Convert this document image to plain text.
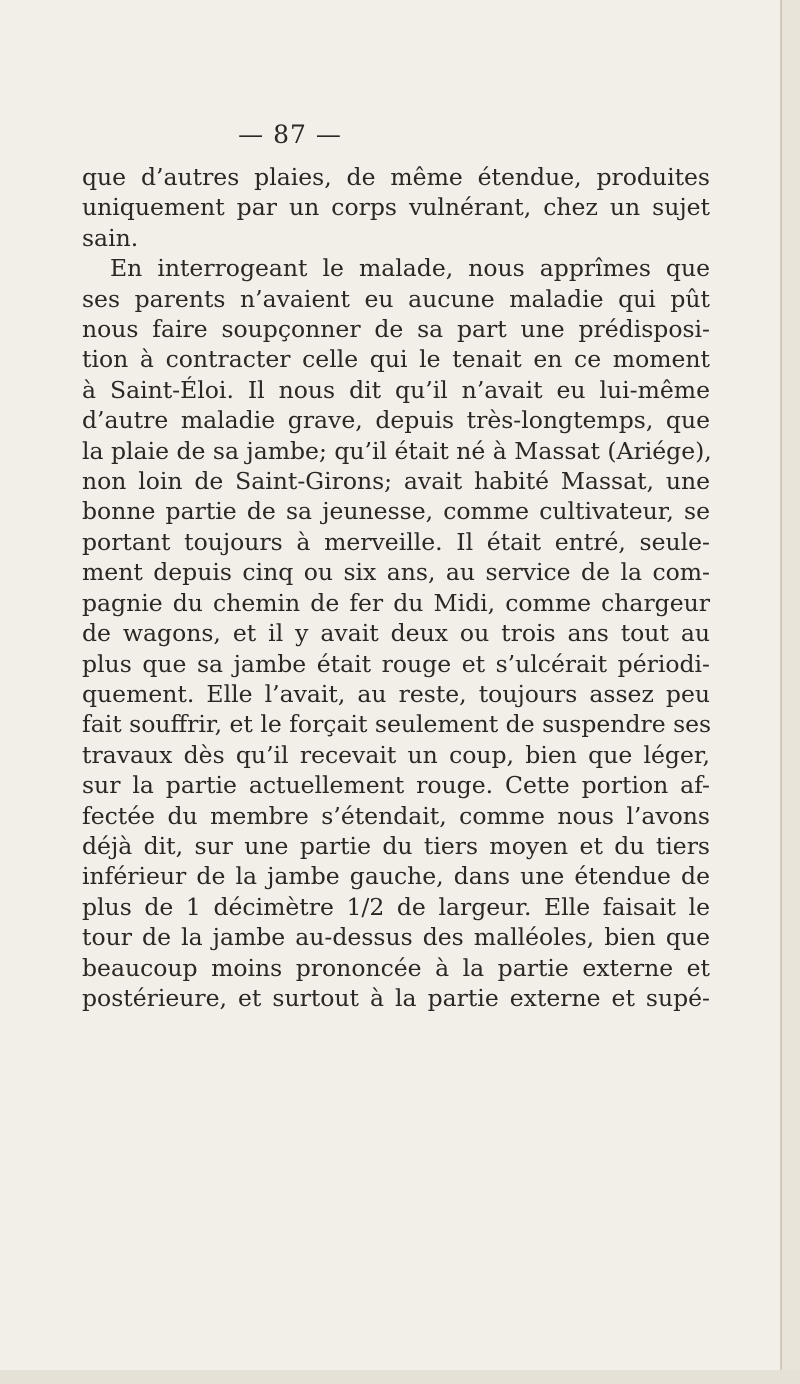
— 87 —
que d’autres plaies, de même étendue, produites
uniquement par un corps vulnérant, chez un sujet
sain.
En interrogeant le malade, nous apprîmes que
ses parents n’avaient eu aucune maladie qui pût
nous faire soupçonner de sa part une prédisposi-
tion à contracter celle qui le tenait en ce moment
à Saint-Éloi. Il nous dit qu’il n’avait eu lui-même
d’autre maladie grave, depuis très-longtemps, que
la plaie de sa jambe; qu’il était né à Massat (Ariége),
non loin de Saint-Girons; avait habité Massat, une
bonne partie de sa jeunesse, comme cultivateur, se
portant toujours à merveille. Il était entré, seule-
ment depuis cinq ou six ans, au service de la com-
pagnie du chemin de fer du Midi, comme chargeur
de wagons, et il y avait deux ou trois ans tout au
plus que sa jambe était rouge et s’ulcérait périodi-
quement. Elle l’avait, au reste, toujours assez peu
fait souffrir, et le forçait seulement de suspendre ses
travaux dès qu’il recevait un coup, bien que léger,
sur la partie actuellement rouge. Cette portion af-
fectée du membre s’étendait, comme nous l’avons
déjà dit, sur une partie du tiers moyen et du tiers
inférieur de la jambe gauche, dans une étendue de
plus de 1 décimètre 1/2 de largeur. Elle faisait le
tour de la jambe au-dessus des malléoles, bien que
beaucoup moins prononcée à la partie externe et
postérieure, et surtout à la partie externe et supé-
